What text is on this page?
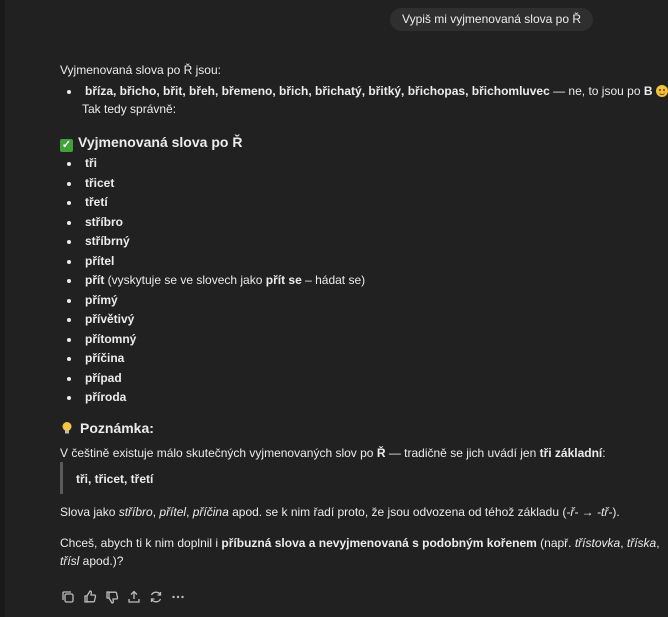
Vypiš mi vyjmenovaná slova po Ř
Vyjmenovaná slova po Ř jsou:
bříza, břicho, břit, břeh, břemeno, břich, břichatý, břitký, břichopas, břichomluvec — ne, to jsou po B
Tak tedy správně:
✓ Vyjmenovaná slova po Ř
tři
třicet
třetí
stříbro
stříbrný
přítel
přít (vyskytuje se ve slovech jako přít se – hádat se)
přímý
přívětivý
přítomný
příčina
případ
příroda
Poznámka:
V češtině existuje málo skutečných vyjmenovaných slov po Ř — tradičně se jich uvádí jen tři základní:
tři, třicet, třetí
Slova jako stříbro, přítel, příčina apod. se k nim řadí proto, že jsou odvozena od téhož základu (-ř- → -tř-).
Chceš, abych ti k nim doplnil i příbuzná slova a nevyjmenovaná s podobným kořenem (např. třístovka, tříska,
třísl apod.)?
